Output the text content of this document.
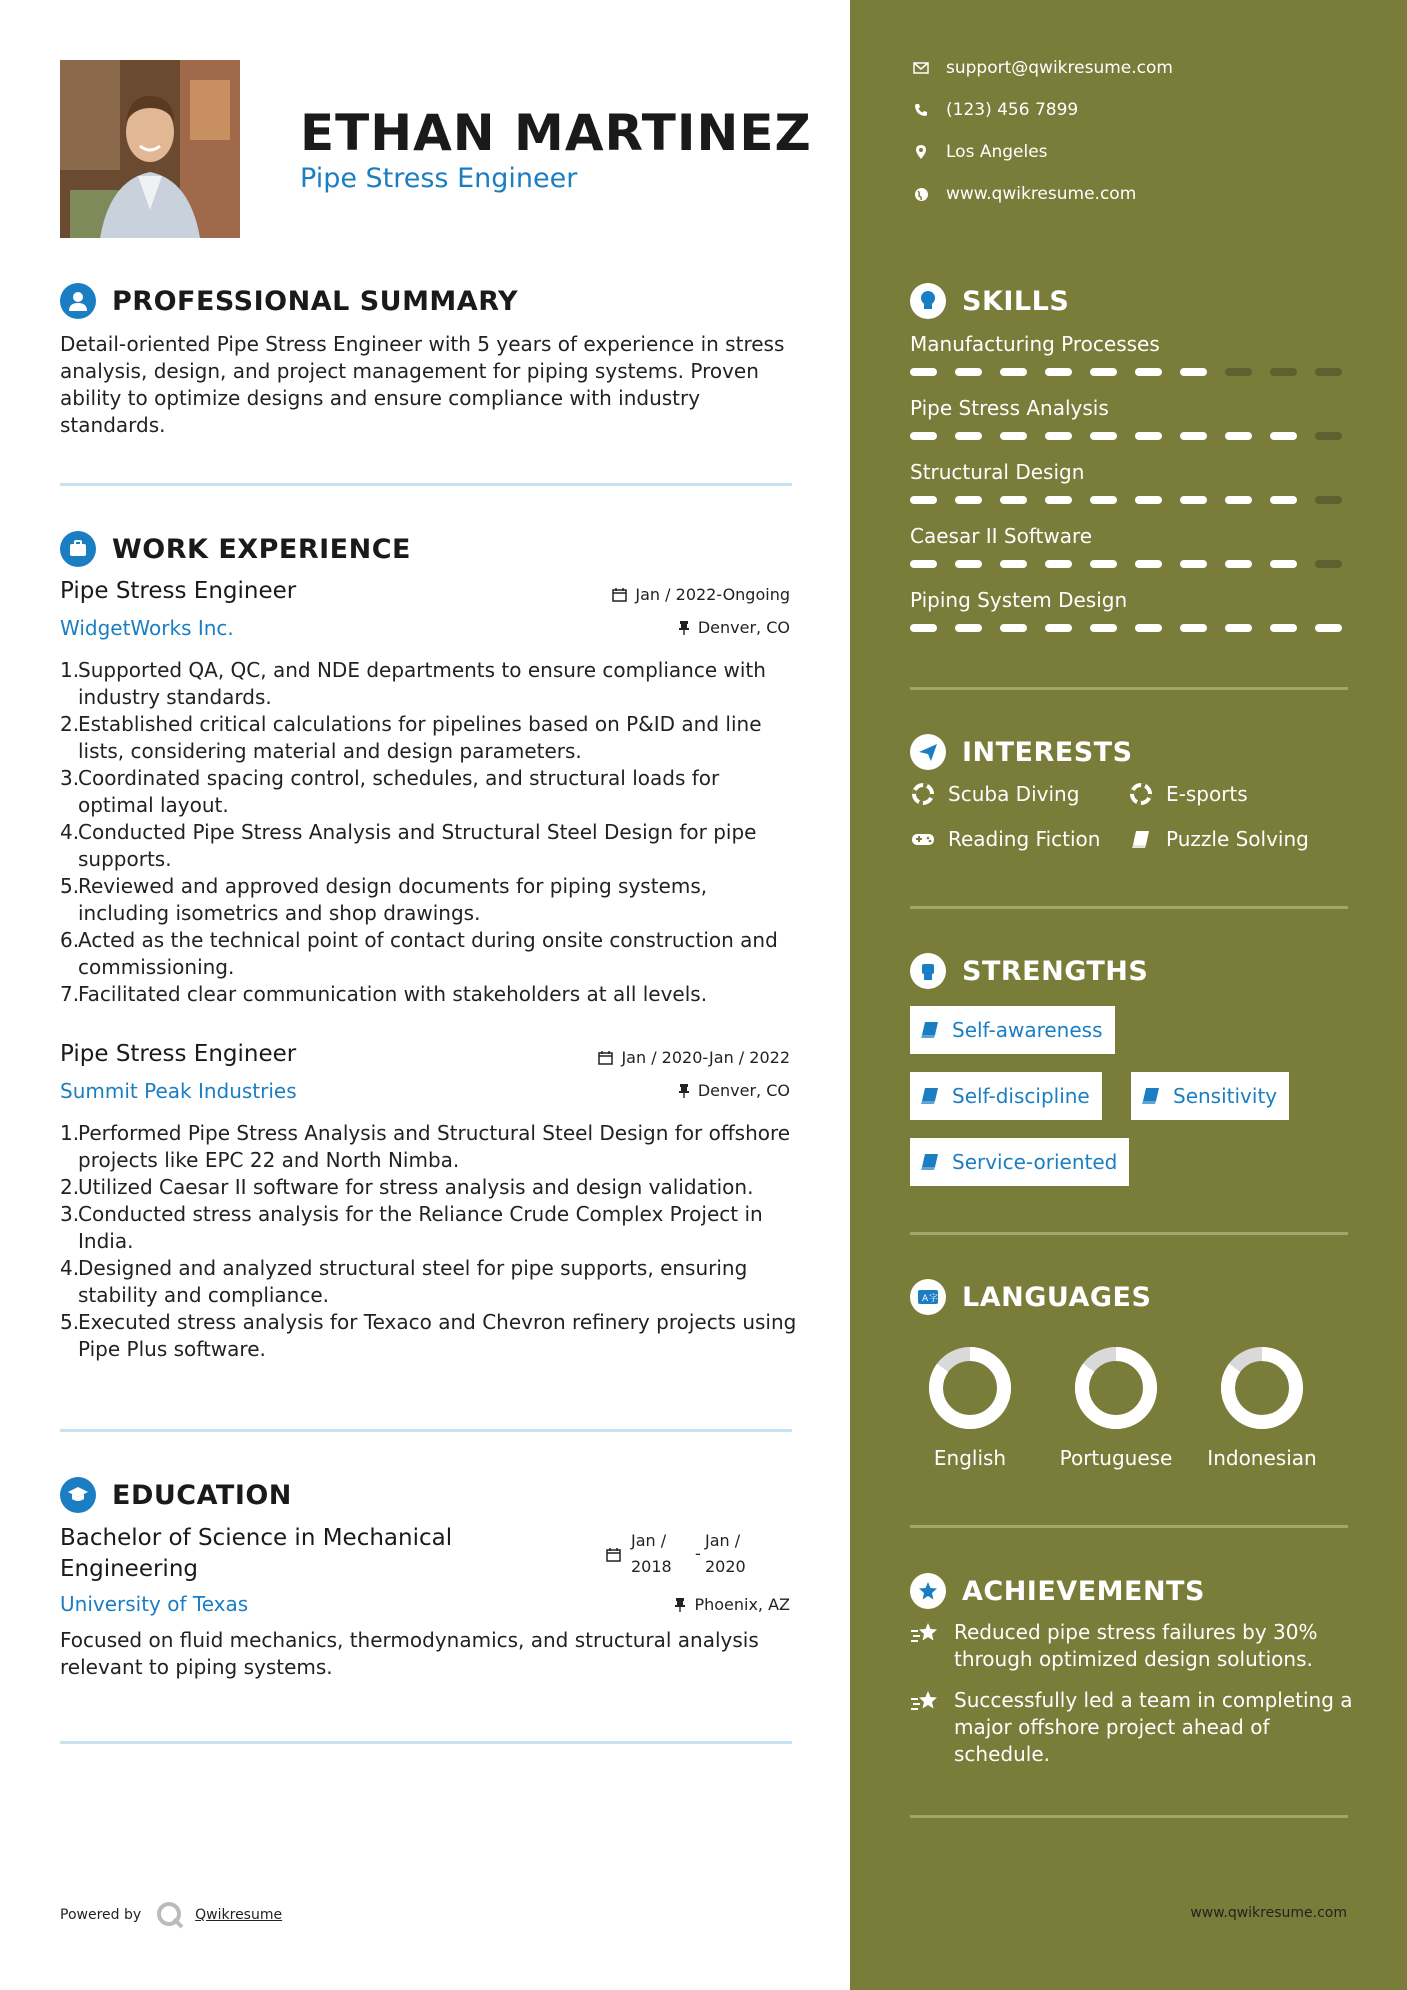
ETHAN MARTINEZ
Pipe Stress Engineer
PROFESSIONAL SUMMARY
Detail-oriented Pipe Stress Engineer with 5 years of experience in stress analysis, design, and project management for piping systems. Proven ability to optimize designs and ensure compliance with industry standards.
WORK EXPERIENCE
Pipe Stress Engineer	Jan / 2022-Ongoing
WidgetWorks Inc.	Denver, CO
1.
Supported QA, QC, and NDE departments to ensure compliance with industry standards.
2.
Established critical calculations for pipelines based on P&ID and line lists, considering material and design parameters.
3.
Coordinated spacing control, schedules, and structural loads for optimal layout.
4.
Conducted Pipe Stress Analysis and Structural Steel Design for pipe supports.
5.
Reviewed and approved design documents for piping systems, including isometrics and shop drawings.
6.
Acted as the technical point of contact during onsite construction and commissioning.
7.
Facilitated clear communication with stakeholders at all levels.
Pipe Stress Engineer	Jan / 2020-Jan / 2022
Summit Peak Industries	Denver, CO
1.
Performed Pipe Stress Analysis and Structural Steel Design for offshore projects like EPC 22 and North Nimba.
2.
Utilized Caesar II software for stress analysis and design validation.
3.
Conducted stress analysis for the Reliance Crude Complex Project in India.
4.
Designed and analyzed structural steel for pipe supports, ensuring stability and compliance.
5.
Executed stress analysis for Texaco and Chevron refinery projects using Pipe Plus software.
EDUCATION
Bachelor of Science in Mechanical
Engineering
Jan /
2018
-
Jan /
2020
University of Texas	Phoenix, AZ
Focused on fluid mechanics, thermodynamics, and structural analysis relevant to piping systems.
Powered by	Qwikresume
support@qwikresume.com
(123) 456 7899
Los Angeles
www.qwikresume.com
SKILLS
Manufacturing Processes
Pipe Stress Analysis
Structural Design
Caesar II Software
Piping System Design
INTERESTS
Scuba Diving	E-sports
Reading Fiction	Puzzle Solving
STRENGTHS
Self-awareness
Self-discipline	Sensitivity
Service-oriented
A 字 LANGUAGES
English	Portuguese	Indonesian
ACHIEVEMENTS
Reduced pipe stress failures by 30% through optimized design solutions.
Successfully led a team in completing a major offshore project ahead of schedule.
www.qwikresume.com
